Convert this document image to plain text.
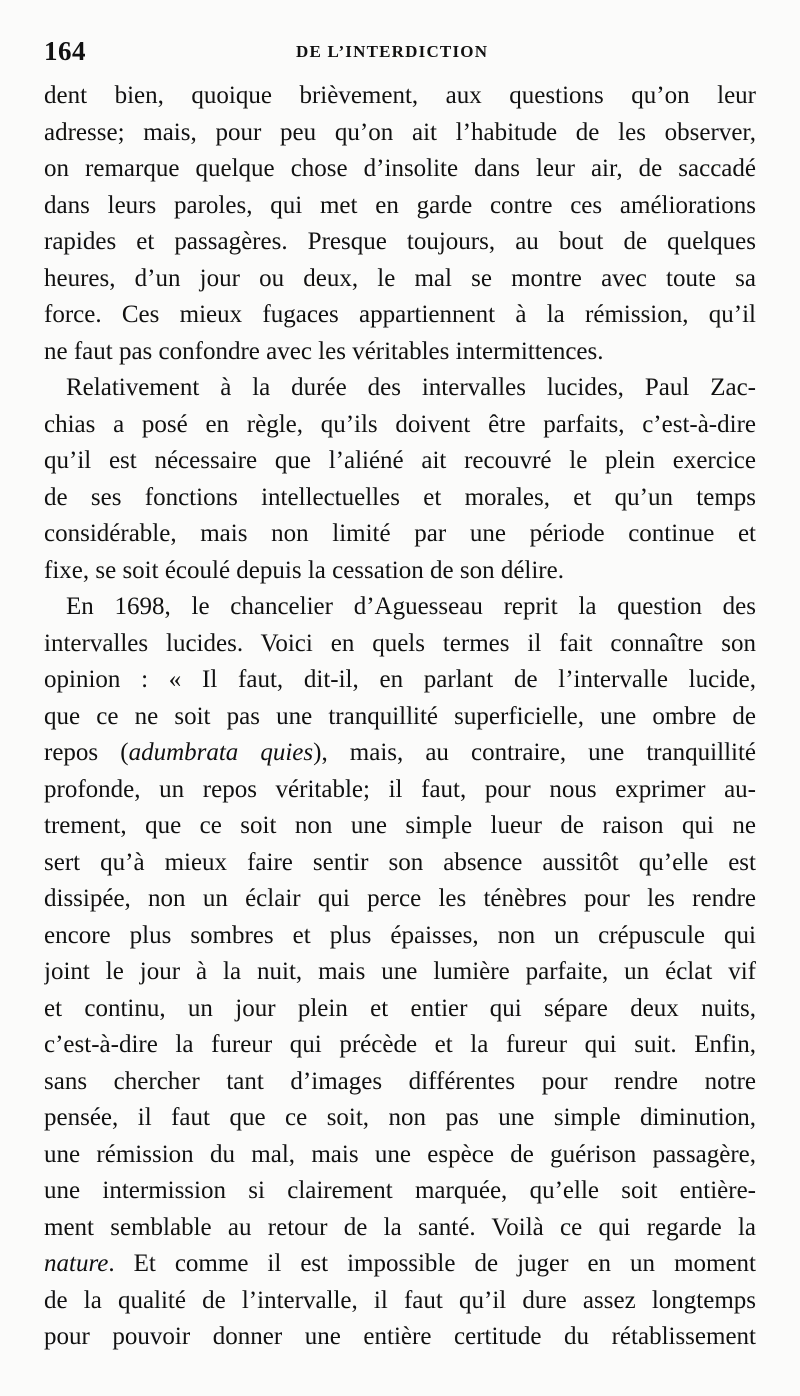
164	DE L’INTERDICTION
dent bien, quoique brièvement, aux questions qu’on leur
adresse; mais, pour peu qu’on ait l’habitude de les observer,
on remarque quelque chose d’insolite dans leur air, de saccadé
dans leurs paroles, qui met en garde contre ces améliorations
rapides et passagères. Presque toujours, au bout de quelques
heures, d’un jour ou deux, le mal se montre avec toute sa
force. Ces mieux fugaces appartiennent à la rémission, qu’il
ne faut pas confondre avec les véritables intermittences.
Relativement à la durée des intervalles lucides, Paul Zac-
chias a posé en règle, qu’ils doivent être parfaits, c’est-à-dire
qu’il est nécessaire que l’aliéné ait recouvré le plein exercice
de ses fonctions intellectuelles et morales, et qu’un temps
considérable, mais non limité par une période continue et
fixe, se soit écoulé depuis la cessation de son délire.
En 1698, le chancelier d’Aguesseau reprit la question des
intervalles lucides. Voici en quels termes il fait connaître son
opinion : « Il faut, dit-il, en parlant de l’intervalle lucide,
que ce ne soit pas une tranquillité superficielle, une ombre de
repos (adumbrata quies), mais, au contraire, une tranquillité
profonde, un repos véritable; il faut, pour nous exprimer au-
trement, que ce soit non une simple lueur de raison qui ne
sert qu’à mieux faire sentir son absence aussitôt qu’elle est
dissipée, non un éclair qui perce les ténèbres pour les rendre
encore plus sombres et plus épaisses, non un crépuscule qui
joint le jour à la nuit, mais une lumière parfaite, un éclat vif
et continu, un jour plein et entier qui sépare deux nuits,
c’est-à-dire la fureur qui précède et la fureur qui suit. Enfin,
sans chercher tant d’images différentes pour rendre notre
pensée, il faut que ce soit, non pas une simple diminution,
une rémission du mal, mais une espèce de guérison passagère,
une intermission si clairement marquée, qu’elle soit entière-
ment semblable au retour de la santé. Voilà ce qui regarde la
nature. Et comme il est impossible de juger en un moment
de la qualité de l’intervalle, il faut qu’il dure assez longtemps
pour pouvoir donner une entière certitude du rétablissement
